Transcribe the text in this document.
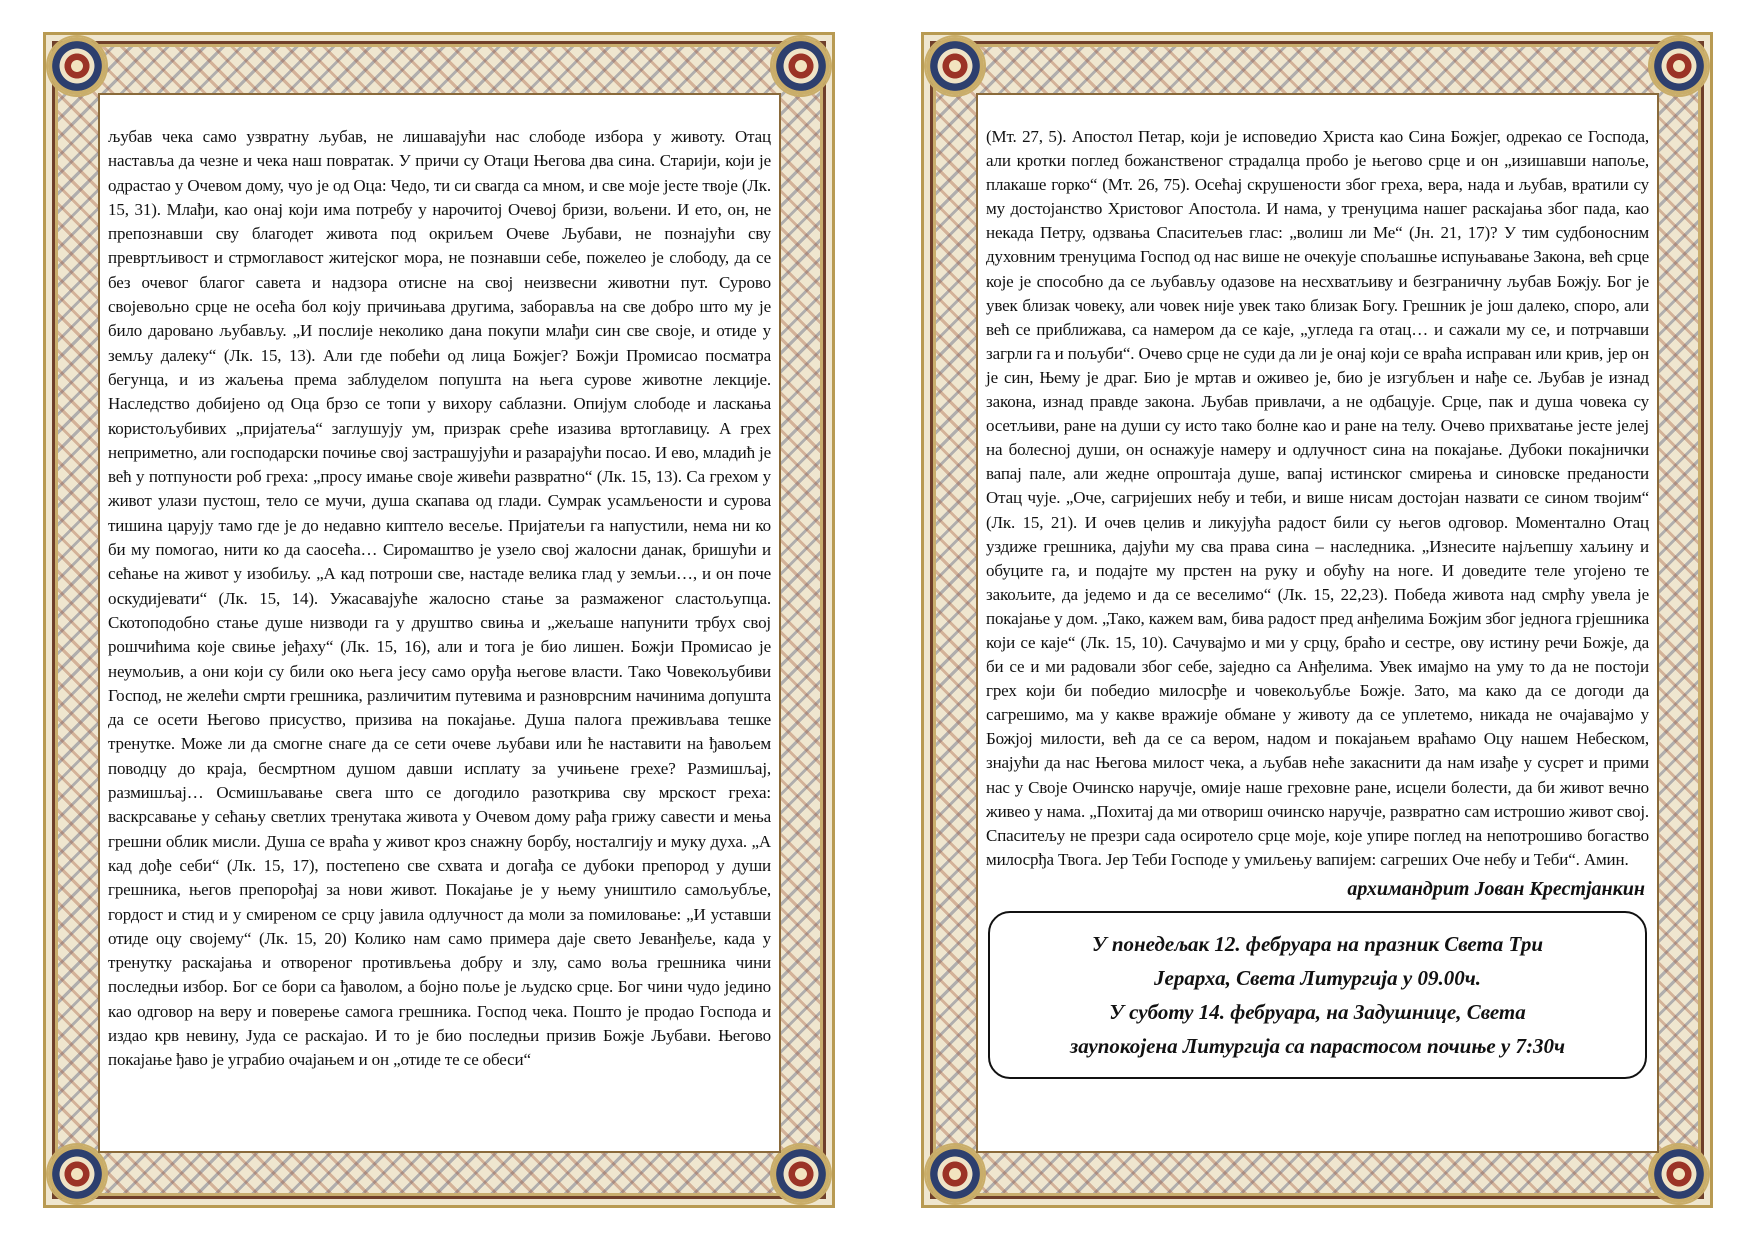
љубав чека само узвратну љубав, не лишавајући нас слободе избора у животу. Отац наставља да чезне и чека наш повратак. У причи су Отаци Његова два сина. Старији, који је одрастао у Очевом дому, чуо је од Оца: Чедо, ти си свагда са мном, и све моје јесте твоје (Лк. 15, 31). Млађи, као онај који има потребу у нарочитој Очевој бризи, вољени. И ето, он, не препознавши сву благодет живота под окриљем Очеве Љубави, не познајући сву превртљивост и стрмоглавост житејског мора, не познавши себе, пожелео је слободу, да се без очевог благог савета и надзора отисне на свој неизвесни животни пут. Сурово својевољно срце не осећа бол коју причињава другима, заборавља на све добро што му је било даровано љубављу. „И послије неколико дана покупи млађи син све своје, и отиде у земљу далеку“ (Лк. 15, 13). Али где побећи од лица Божјег? Божји Промисао посматра бегунца, и из жаљења према заблуделом попушта на њега сурове животне лекције. Наследство добијено од Оца брзо се топи у вихору саблазни. Опијум слободе и ласкања користољубивих „пријатеља“ заглушују ум, призрак среће изазива вртоглавицу. А грех неприметно, али господарски почиње свој застрашујући и разарајући посао. И ево, младић је већ у потпуности роб греха: „просу имање своје живећи развратно“ (Лк. 15, 13). Са грехом у живот улази пустош, тело се мучи, душа скапава од глади. Сумрак усамљености и сурова тишина царују тамо где је до недавно киптело весеље. Пријатељи га напустили, нема ни ко би му помогао, нити ко да саосећа… Сиромаштво је узело свој жалосни данак, бришући и сећање на живот у изобиљу. „А кад потроши све, настаде велика глад у земљи…, и он поче оскудијевати“ (Лк. 15, 14). Ужасавајуће жалосно стање за размаженог сластољупца. Скотоподобно стање душе низводи га у друштво свиња и „жељаше напунити трбух свој рошчићима које свиње јеђаху“ (Лк. 15, 16), али и тога је био лишен. Божји Промисао је неумољив, а они који су били око њега јесу само оруђа његове власти. Тако Човекољубиви Господ, не желећи смрти грешника, различитим путевима и разноврсним начинима допушта да се осети Његово присуство, призива на покајање. Душа палога преживљава тешке тренутке. Може ли да смогне снаге да се сети очеве љубави или ће наставити на ђавољем поводцу до краја, бесмртном душом давши исплату за учињене грехе? Размишљај, размишљај… Осмишљавање свега што се догодило разоткрива сву мрскост греха: васкрсавање у сећању светлих тренутака живота у Очевом дому рађа грижу савести и мења грешни облик мисли. Душа се враћа у живот кроз снажну борбу, носталгију и муку духа. „А кад дође себи“ (Лк. 15, 17), постепено све схвата и догађа се дубоки препород у души грешника, његов препорођај за нови живот. Покајање је у њему уништило самољубље, гордост и стид и у смиреном се срцу јавила одлучност да моли за помиловање: „И уставши отиде оцу својему“ (Лк. 15, 20) Колико нам само примера даје свето Јеванђеље, када у тренутку раскајања и отвореног противљења добру и злу, само воља грешника чини последњи избор. Бог се бори са ђаволом, а бојно поље је људско срце. Бог чини чудо једино као одговор на веру и поверење самога грешника. Господ чека. Пошто је продао Господа и издао крв невину, Јуда се раскајао. И то је био последњи призив Божје Љубави. Његово покајање ђаво је уграбио очајањем и он „отиде те се обеси“

(Мт. 27, 5). Апостол Петар, који је исповедио Христа као Сина Божјег, одрекао се Господа, али кротки поглед божанственог страдалца пробо је његово срце и он „изишавши напоље, плакаше горко“ (Мт. 26, 75). Осећај скрушености због греха, вера, нада и љубав, вратили су му достојанство Христовог Апостола. И нама, у тренуцима нашег раскајања због пада, као некада Петру, одзвања Спаситељев глас: „волиш ли Ме“ (Јн. 21, 17)? У тим судбоносним духовним тренуцима Господ од нас више не очекује спољашње испуњавање Закона, већ срце које је способно да се љубављу одазове на несхватљиву и безграничну љубав Божју. Бог је увек близак човеку, али човек није увек тако близак Богу. Грешник је још далеко, споро, али већ се приближава, са намером да се каје, „угледа га отац… и сажали му се, и потрчавши загрли га и пољуби“. Очево срце не суди да ли је онај који се враћа исправан или крив, јер он је син, Њему је драг. Био је мртав и оживео је, био је изгубљен и нађе се. Љубав је изнад закона, изнад правде закона. Љубав привлачи, а не одбацује. Срце, пак и душа човека су осетљиви, ране на души су исто тако болне као и ране на телу. Очево прихватање јесте јелеј на болесној души, он оснажује намеру и одлучност сина на покајање. Дубоки покајнички вапај пале, али жедне опроштаја душе, вапај истинског смирења и синовске преданости Отац чује. „Оче, сагријеших небу и теби, и више нисам достојан назвати се сином твојим“ (Лк. 15, 21). И очев целив и ликујућа радост били су његов одговор. Моментално Отац уздиже грешника, дајући му сва права сина – наследника. „Изнесите најљепшу хаљину и обуците га, и подајте му прстен на руку и обућу на ноге. И доведите теле угојено те закољите, да једемо и да се веселимо“ (Лк. 15, 22,23). Победа живота над смрћу увела је покајање у дом. „Тако, кажем вам, бива радост пред анђелима Божјим због једнога грјешника који се каје“ (Лк. 15, 10). Сачувајмо и ми у срцу, браћо и сестре, ову истину речи Божје, да би се и ми радовали због себе, заједно са Анђелима. Увек имајмо на уму то да не постоји грех који би победио милосрђе и човекољубље Божје. Зато, ма како да се догоди да сагрешимо, ма у какве вражије обмане у животу да се уплетемо, никада не очајавајмо у Божјој милости, већ да се са вером, надом и покајањем враћамо Оцу нашем Небеском, знајући да нас Његова милост чека, а љубав неће закаснити да нам изађе у сусрет и прими нас у Своје Очинско наручје, омије наше греховне ране, исцели болести, да би живот вечно живео у нама. „Похитај да ми отвориш очинско наручје, развратно сам истрошио живот свој. Спаситељу не презри сада осиротело срце моје, које упире поглед на непотрошиво богаство милосрђа Твога. Јер Теби Господе у умиљењу вапијем: сагреших Оче небу и Теби“. Амин.

архимандрит Јован Крестјанкин
У понедељак 12. фебруара на празник Света Три
Јерарха, Света Литургија у 09.00ч.
У суботу 14. фебруара, на Задушнице, Света
заупокојена Литургија са парастосом почиње у 7:30ч
